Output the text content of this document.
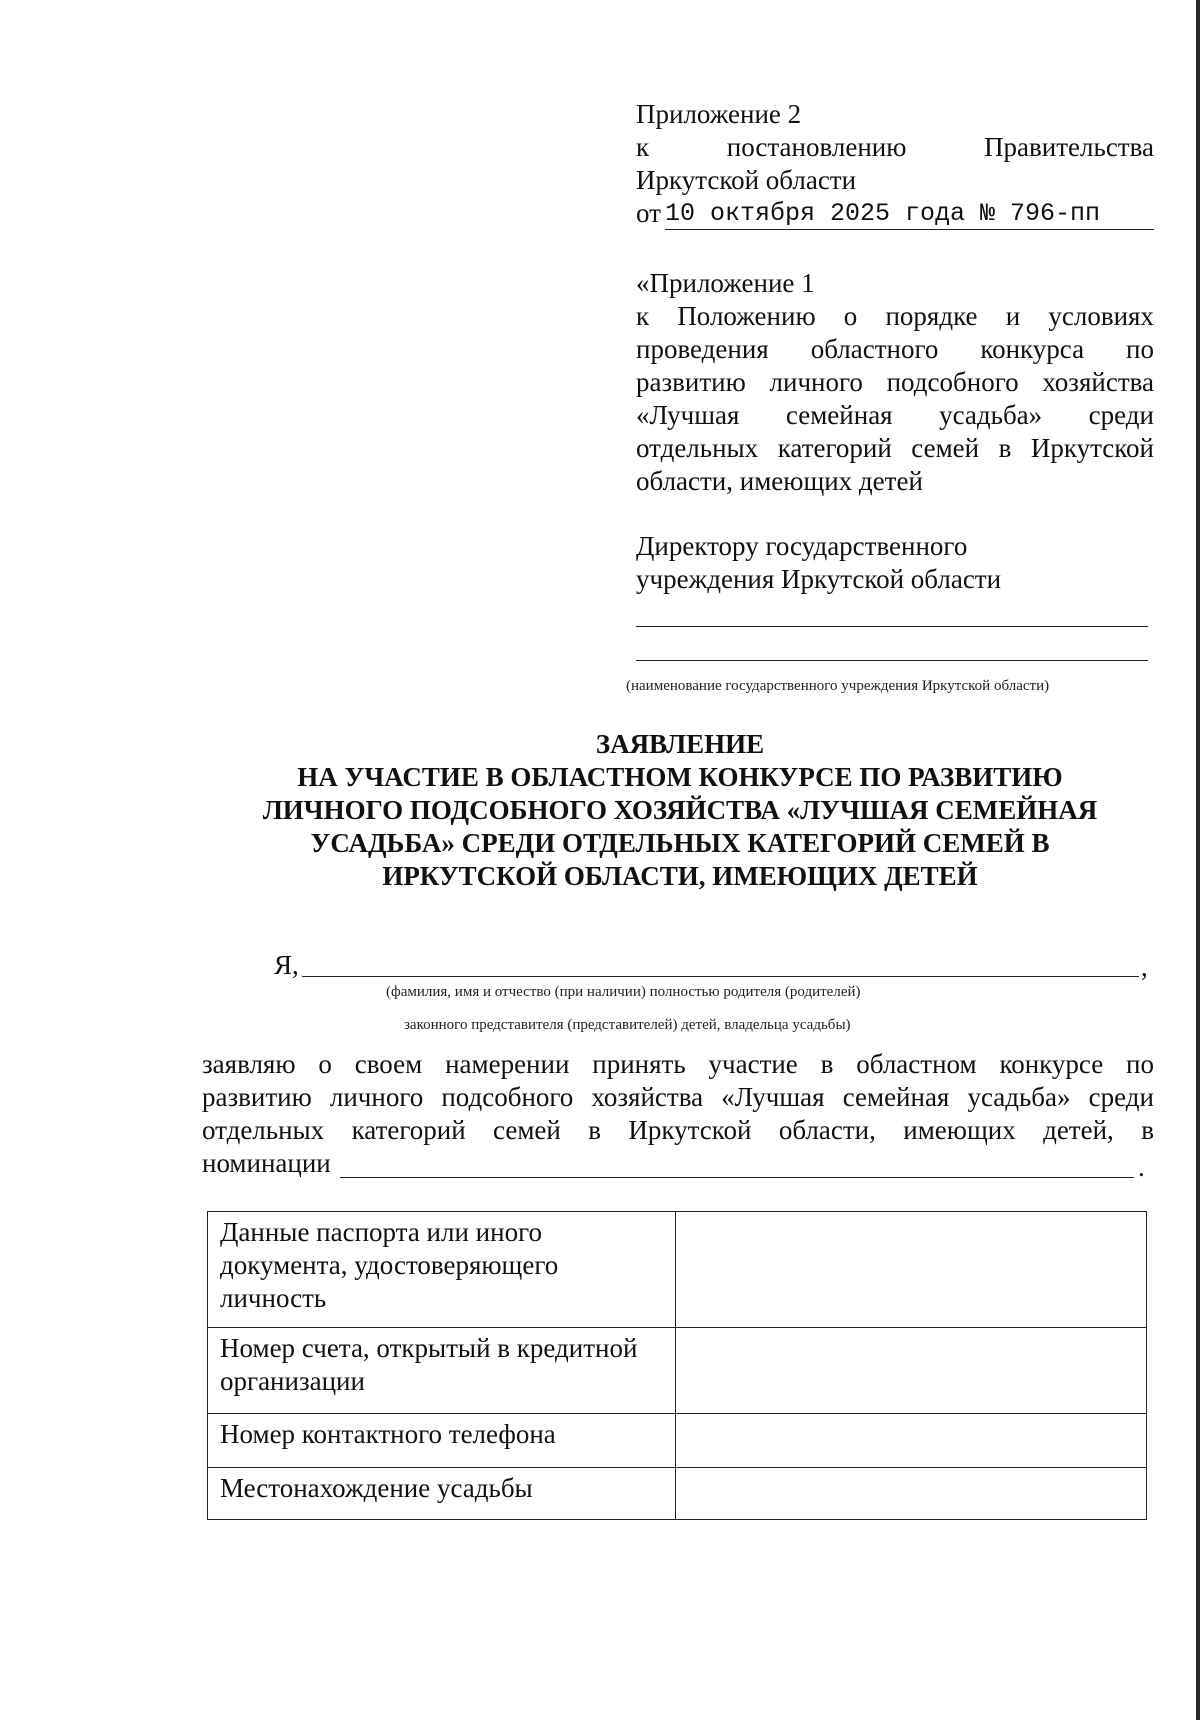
Приложение 2
к	постановлению	Правительства
Иркутской области
от 10 октября 2025 года № 796-пп
«Приложение 1
к Положению о порядке и условиях
проведения областного конкурса по
развитию личного подсобного хозяйства
«Лучшая семейная усадьба» среди
отдельных категорий семей в Иркутской
области, имеющих детей
Директору государственного
учреждения Иркутской области
(наименование государственного учреждения Иркутской области)
ЗАЯВЛЕНИЕ
НА УЧАСТИЕ В ОБЛАСТНОМ КОНКУРСЕ ПО РАЗВИТИЮ
ЛИЧНОГО ПОДСОБНОГО ХОЗЯЙСТВА «ЛУЧШАЯ СЕМЕЙНАЯ
УСАДЬБА» СРЕДИ ОТДЕЛЬНЫХ КАТЕГОРИЙ СЕМЕЙ В
ИРКУТСКОЙ ОБЛАСТИ, ИМЕЮЩИХ ДЕТЕЙ
Я,	,
(фамилия, имя и отчество (при наличии) полностью родителя (родителей)
законного представителя (представителей) детей, владельца усадьбы)
заявляю о своем намерении принять участие в областном конкурсе по
развитию личного подсобного хозяйства «Лучшая семейная усадьба» среди
отдельных категорий семей в Иркутской области, имеющих детей, в
номинации	.
Данные паспорта или иного документа, удостоверяющего личность	
Номер счета, открытый в кредитной организации	
Номер контактного телефона	
Местонахождение усадьбы	
